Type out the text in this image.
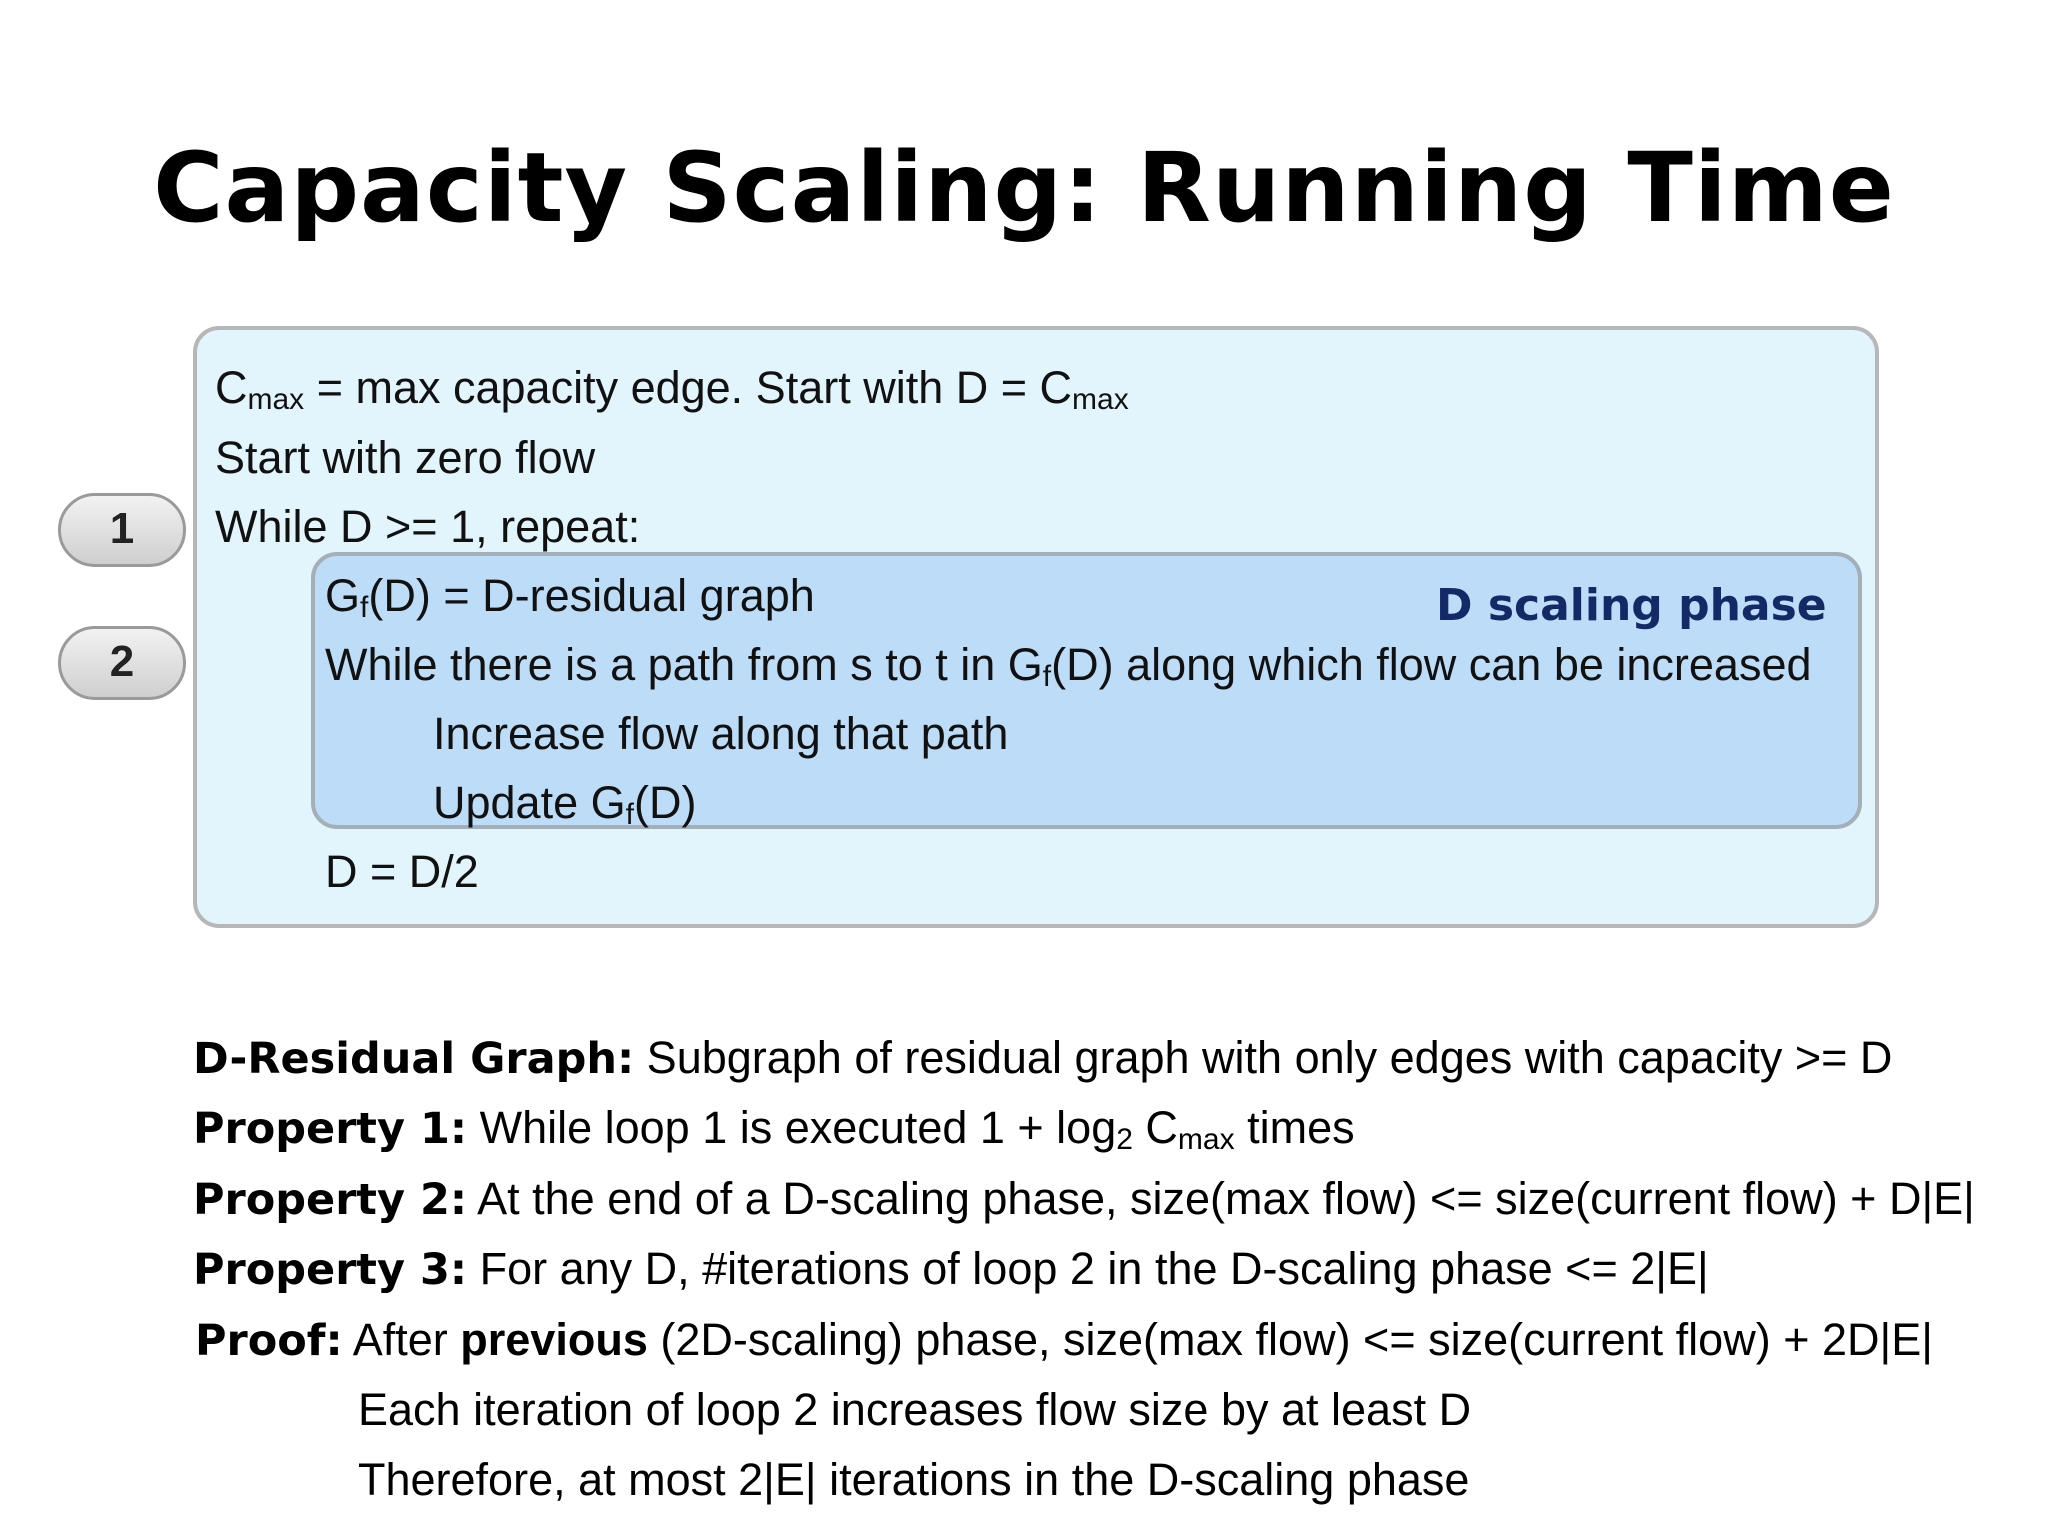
Capacity Scaling: Running Time
$C_{max} = \max$ capacity edge. Start with $D = C_{max}$
Start with zero flow
While D >= 1, repeat:
1
2
$G_f(D)$ = D-residual graph	D scaling phase
While there is a path from s to t in $G_f(D)$ along which flow can be increased
Increase flow along that path
Update $G_f(D)$
D = D/2
D-Residual Graph: Subgraph of residual graph with only edges with capacity >= D
Property 1: While loop 1 is executed $1 + \log_2 C_{max}$ times
Property 2: At the end of a D-scaling phase, size(max flow) <= size(current flow) + D|E|
Property 3: For any D, #iterations of loop 2 in the D-scaling phase <= 2|E|
Proof: After previous (2D-scaling) phase, size(max flow) <= size(current flow) + 2D|E|
Each iteration of loop 2 increases flow size by at least D
Therefore, at most 2|E| iterations in the D-scaling phase
